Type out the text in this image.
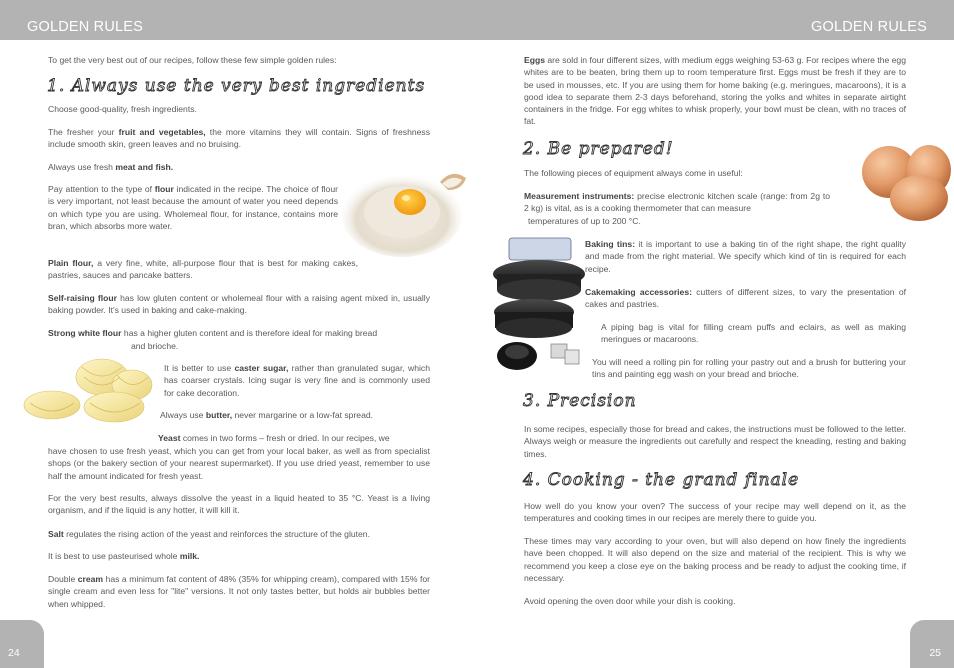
GOLDEN RULES
To get the very best out of our recipes, follow these few simple golden rules:
1. Always use the very best ingredients
Choose good-quality, fresh ingredients.
The fresher your fruit and vegetables, the more vitamins they will contain. Signs of freshness include smooth skin, green leaves and no bruising.
Always use fresh meat and fish.
Pay attention to the type of flour indicated in the recipe. The choice of flour is very important, not least because the amount of water you need depends on which type you are using. Wholemeal flour, for instance, contains more bran, which absorbs more water.
Plain flour, a very fine, white, all-purpose flour that is best for making cakes, pastries, sauces and pancake batters.
Self-raising flour has low gluten content or wholemeal flour with a raising agent mixed in, usually baking powder. It's used in baking and cake-making.
Strong white flour has a higher gluten content and is therefore ideal for making bread
and brioche.
It is better to use caster sugar, rather than granulated sugar, which has coarser crystals. Icing sugar is very fine and is commonly used for cake decoration.
Always use butter, never margarine or a low-fat spread.
Yeast comes in two forms – fresh or dried. In our recipes, we
have chosen to use fresh yeast, which you can get from your local baker, as well as from specialist shops (or the bakery section of your nearest supermarket). If you use dried yeast, remember to use half the amount indicated for fresh yeast.
For the very best results, always dissolve the yeast in a liquid heated to 35 °C. Yeast is a living organism, and if the liquid is any hotter, it will kill it.
Salt regulates the rising action of the yeast and reinforces the structure of the gluten.
It is best to use pasteurised whole milk.
Double cream has a minimum fat content of 48% (35% for whipping cream), compared with 15% for single cream and even less for "lite" versions. It not only tastes better, but holds air bubbles better when whipped.
24
GOLDEN RULES
Eggs are sold in four different sizes, with medium eggs weighing 53-63 g. For recipes where the egg whites are to be beaten, bring them up to room temperature first. Eggs must be fresh if they are to be used in mousses, etc. If you are using them for home baking (e.g. meringues, macaroons), it is a good idea to separate them 2-3 days beforehand, storing the yolks and whites in separate airtight containers in the fridge. For egg whites to whisk properly, your bowl must be clean, with no traces of fat.
2. Be prepared!
The following pieces of equipment always come in useful:
Measurement instruments: precise electronic kitchen scale (range: from 2g to 2 kg) is vital, as is a cooking thermometer that can measure
temperatures of up to 200 °C.
Baking tins: it is important to use a baking tin of the right shape, the right quality and made from the right material. We specify which kind of tin is required for each recipe.
Cakemaking accessories: cutters of different sizes, to vary the presentation of cakes and pastries.
A piping bag is vital for filling cream puffs and eclairs, as well as making meringues or macaroons.
You will need a rolling pin for rolling your pastry out and a brush for buttering your tins and painting egg wash on your bread and brioche.
3. Precision
In some recipes, especially those for bread and cakes, the instructions must be followed to the letter. Always weigh or measure the ingredients out carefully and respect the kneading, resting and baking times.
4. Cooking - the grand finale
How well do you know your oven? The success of your recipe may well depend on it, as the temperatures and cooking times in our recipes are merely there to guide you.
These times may vary according to your oven, but will also depend on how finely the ingredients have been chopped. It will also depend on the size and material of the recipient. This is why we recommend you keep a close eye on the baking process and be ready to adjust the cooking time, if necessary.
Avoid opening the oven door while your dish is cooking.
25
